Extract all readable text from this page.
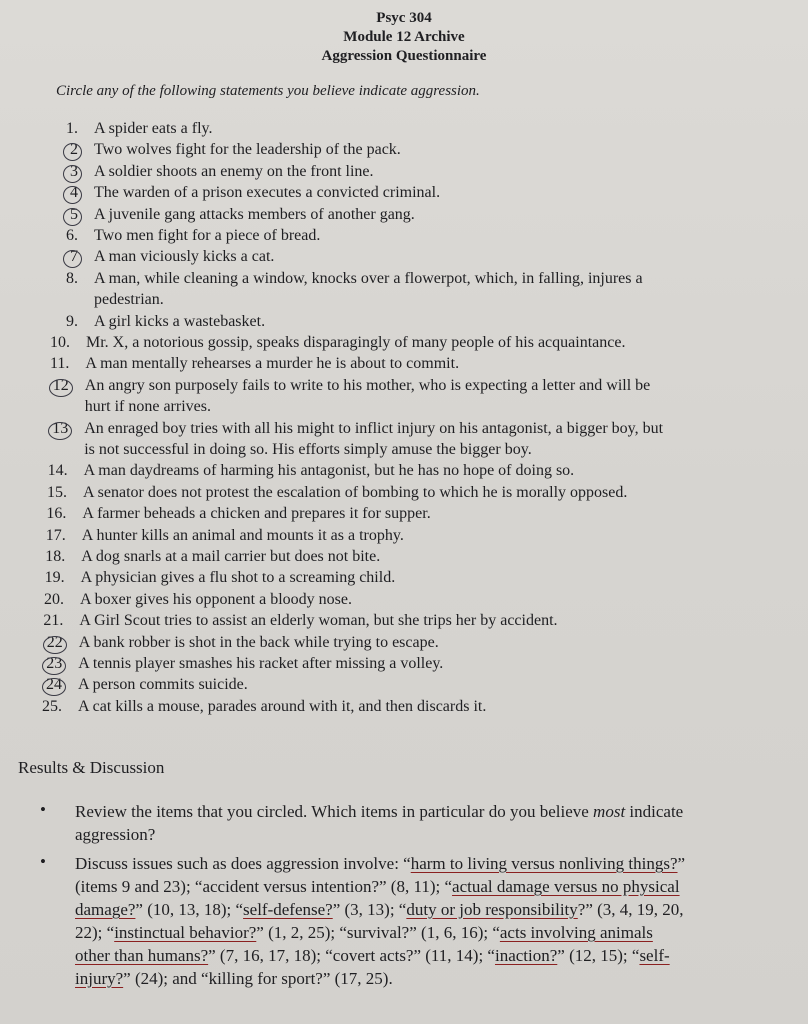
Psyc 304
Module 12 Archive
Aggression Questionnaire
Circle any of the following statements you believe indicate aggression.
1. A spider eats a fly.
2 Two wolves fight for the leadership of the pack.
3 A soldier shoots an enemy on the front line.
4 The warden of a prison executes a convicted criminal.
5 A juvenile gang attacks members of another gang.
6. Two men fight for a piece of bread.
7 A man viciously kicks a cat.
8. A man, while cleaning a window, knocks over a flowerpot, which, in falling, injures a
pedestrian.
9. A girl kicks a wastebasket.
10. Mr. X, a notorious gossip, speaks disparagingly of many people of his acquaintance.
11. A man mentally rehearses a murder he is about to commit.
12 An angry son purposely fails to write to his mother, who is expecting a letter and will be
hurt if none arrives.
13 An enraged boy tries with all his might to inflict injury on his antagonist, a bigger boy, but
is not successful in doing so. His efforts simply amuse the bigger boy.
14. A man daydreams of harming his antagonist, but he has no hope of doing so.
15. A senator does not protest the escalation of bombing to which he is morally opposed.
16. A farmer beheads a chicken and prepares it for supper.
17. A hunter kills an animal and mounts it as a trophy.
18. A dog snarls at a mail carrier but does not bite.
19. A physician gives a flu shot to a screaming child.
20. A boxer gives his opponent a bloody nose.
21. A Girl Scout tries to assist an elderly woman, but she trips her by accident.
22 A bank robber is shot in the back while trying to escape.
23 A tennis player smashes his racket after missing a volley.
24 A person commits suicide.
25. A cat kills a mouse, parades around with it, and then discards it.
Results & Discussion
• Review the items that you circled. Which items in particular do you believe most indicate
aggression?
• Discuss issues such as does aggression involve: “harm to living versus nonliving things?”
(items 9 and 23); “accident versus intention?” (8, 11); “actual damage versus no physical
damage?” (10, 13, 18); “self-defense?” (3, 13); “duty or job responsibility?” (3, 4, 19, 20,
22); “instinctual behavior?” (1, 2, 25); “survival?” (1, 6, 16); “acts involving animals
other than humans?” (7, 16, 17, 18); “covert acts?” (11, 14); “inaction?” (12, 15); “self-
injury?” (24); and “killing for sport?” (17, 25).
